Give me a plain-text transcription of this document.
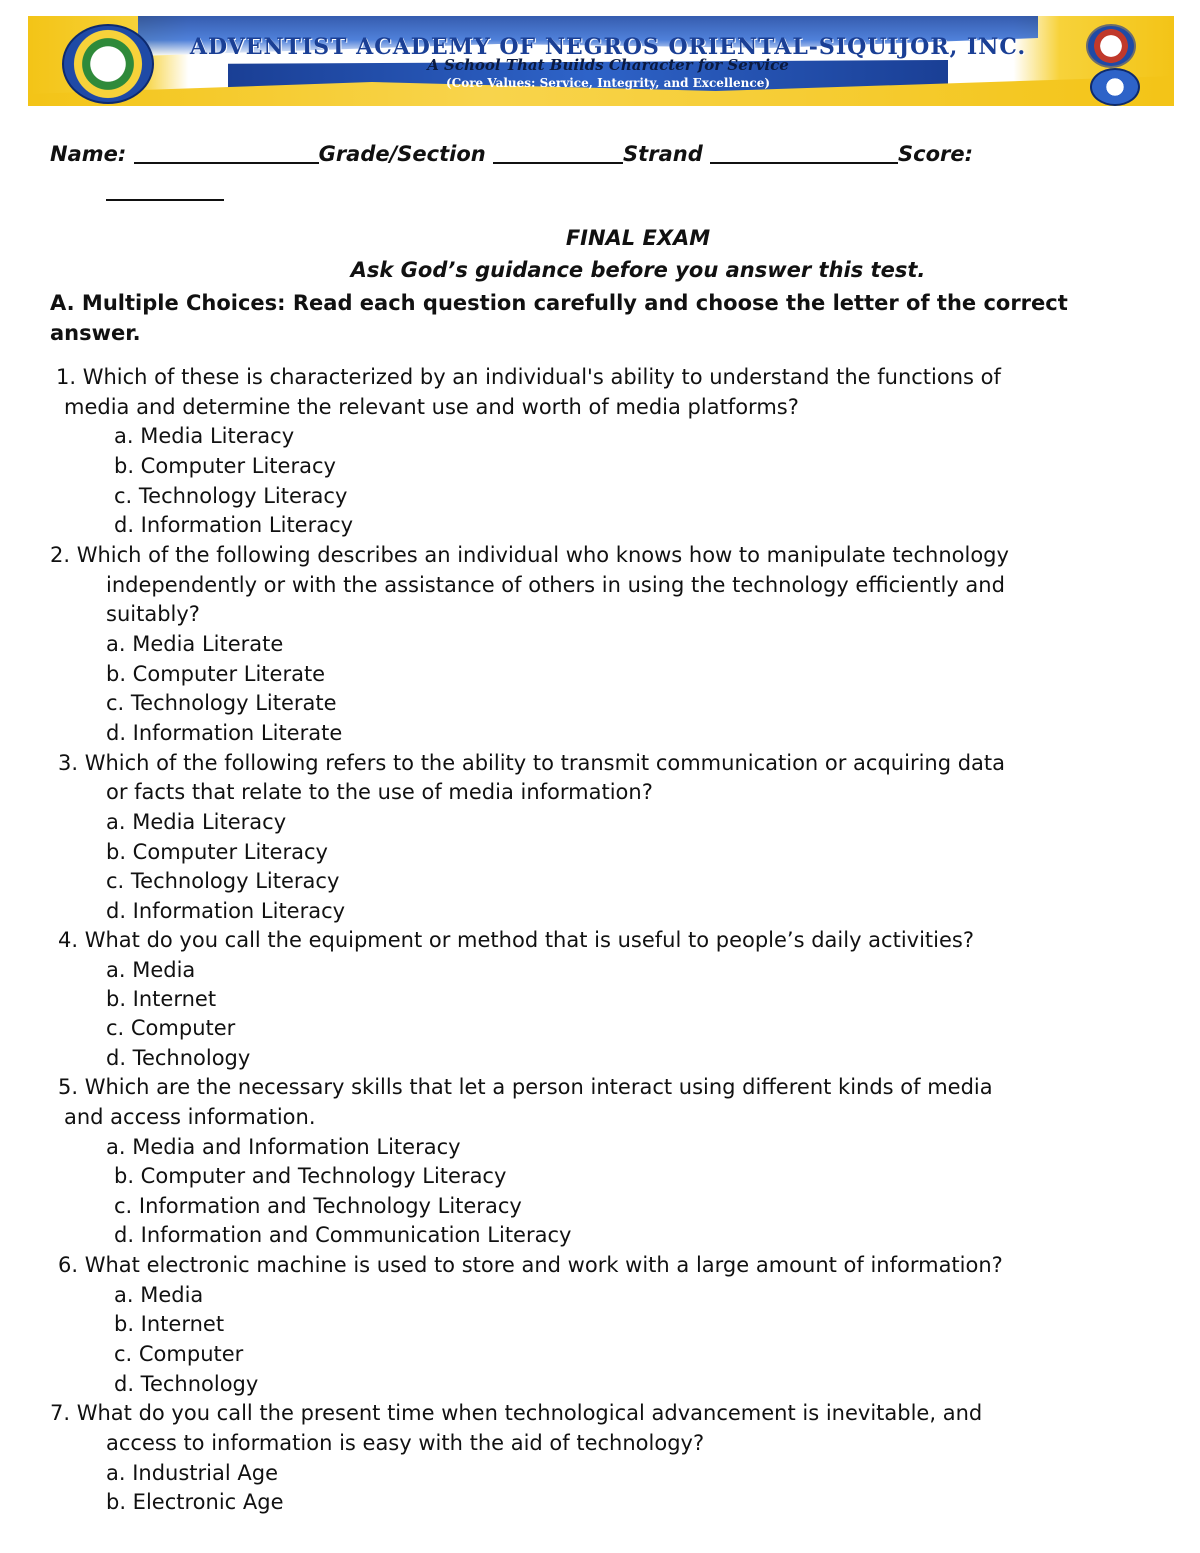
ADVENTIST ACADEMY OF NEGROS ORIENTAL-SIQUIJOR, INC.
A School That Builds Character for Service
(Core Values: Service, Integrity, and Excellence)
Name:	Grade/Section	Strand	Score:
FINAL EXAM
Ask God’s guidance before you answer this test.
A. Multiple Choices: Read each question carefully and choose the letter of the correct answer.
1. Which of these is characterized by an individual's ability to understand the functions of
media and determine the relevant use and worth of media platforms?
a. Media Literacy
b. Computer Literacy
c. Technology Literacy
d. Information Literacy
2. Which of the following describes an individual who knows how to manipulate technology
independently or with the assistance of others in using the technology efficiently and
suitably?
a. Media Literate
b. Computer Literate
c. Technology Literate
d. Information Literate
3. Which of the following refers to the ability to transmit communication or acquiring data
or facts that relate to the use of media information?
a. Media Literacy
b. Computer Literacy
c. Technology Literacy
d. Information Literacy
4. What do you call the equipment or method that is useful to people’s daily activities?
a. Media
b. Internet
c. Computer
d. Technology
5. Which are the necessary skills that let a person interact using different kinds of media
and access information.
a. Media and Information Literacy
b. Computer and Technology Literacy
c. Information and Technology Literacy
d. Information and Communication Literacy
6. What electronic machine is used to store and work with a large amount of information?
a. Media
b. Internet
c. Computer
d. Technology
7. What do you call the present time when technological advancement is inevitable, and
access to information is easy with the aid of technology?
a. Industrial Age
b. Electronic Age
